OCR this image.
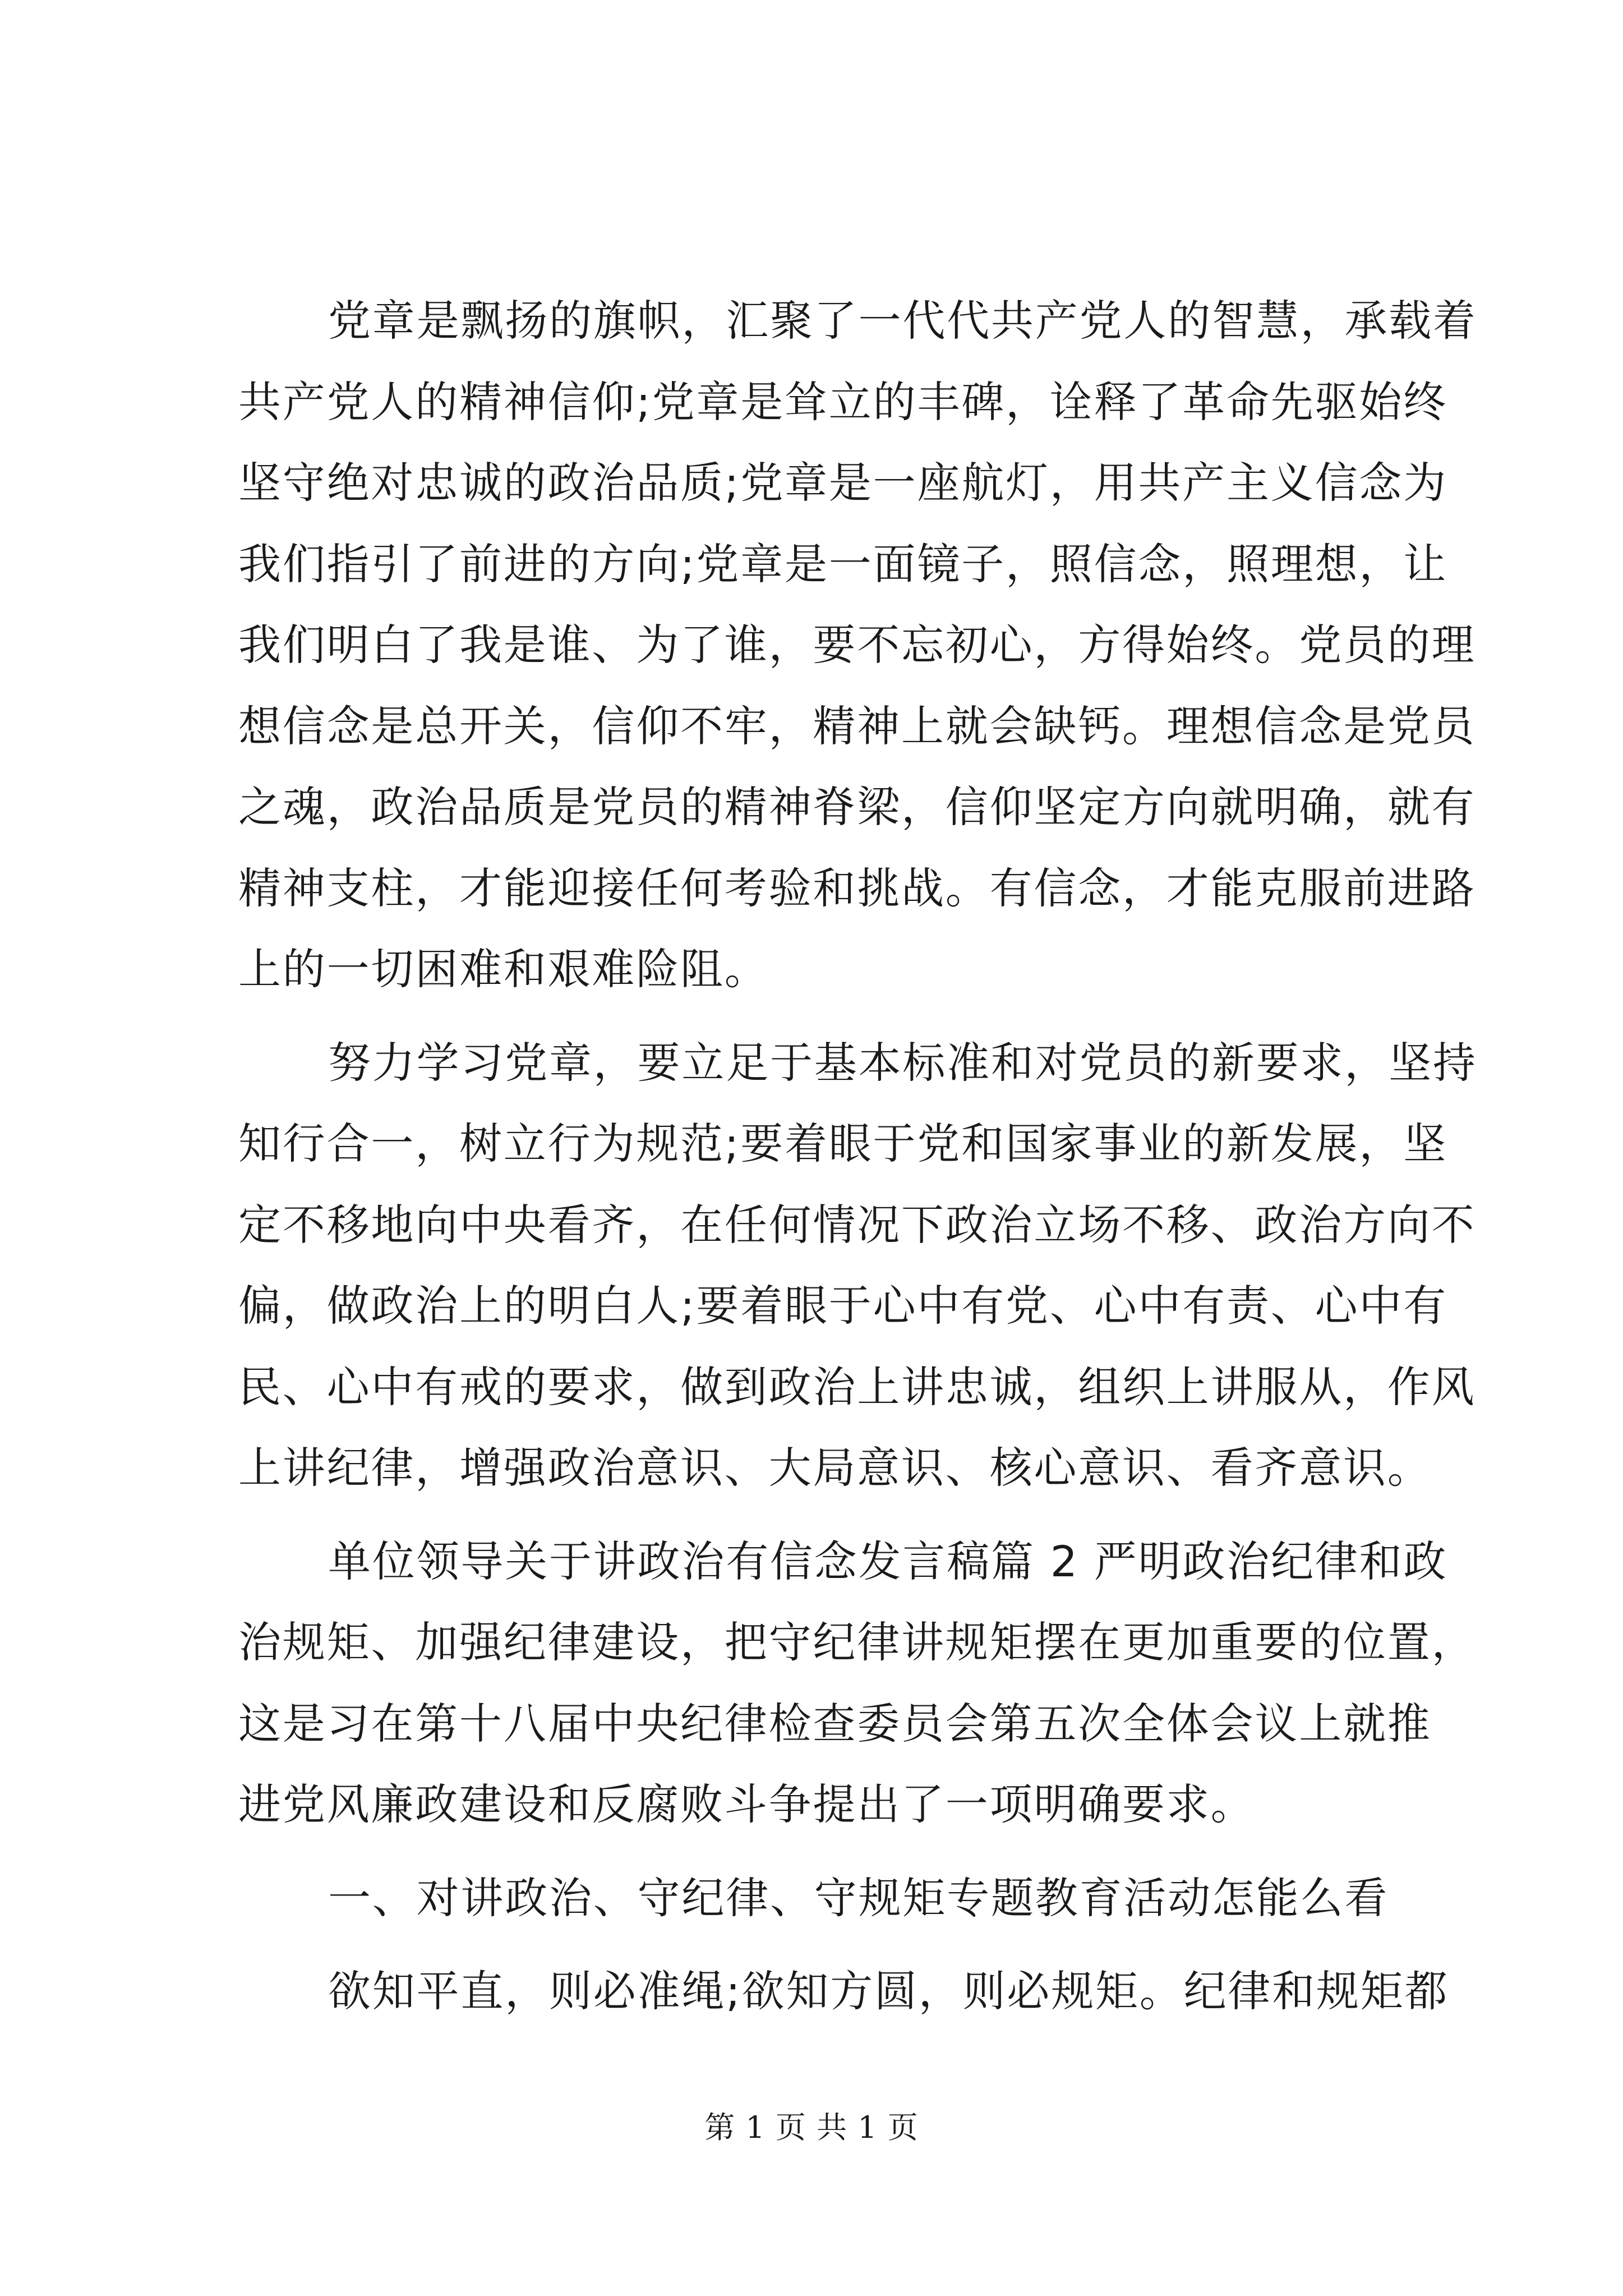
党章是飘扬的旗帜，汇聚了一代代共产党人的智慧，承载着
共产党人的精神信仰;党章是耸立的丰碑，诠释了革命先驱始终
坚守绝对忠诚的政治品质;党章是一座航灯，用共产主义信念为
我们指引了前进的方向;党章是一面镜子，照信念，照理想，让
我们明白了我是谁、为了谁，要不忘初心，方得始终。党员的理
想信念是总开关，信仰不牢，精神上就会缺钙。理想信念是党员
之魂，政治品质是党员的精神脊梁，信仰坚定方向就明确，就有
精神支柱，才能迎接任何考验和挑战。有信念，才能克服前进路
上的一切困难和艰难险阻。
努力学习党章，要立足于基本标准和对党员的新要求，坚持
知行合一，树立行为规范;要着眼于党和国家事业的新发展，坚
定不移地向中央看齐，在任何情况下政治立场不移、政治方向不
偏，做政治上的明白人;要着眼于心中有党、心中有责、心中有
民、心中有戒的要求，做到政治上讲忠诚，组织上讲服从，作风
上讲纪律，增强政治意识、大局意识、核心意识、看齐意识。
单位领导关于讲政治有信念发言稿篇 2 严明政治纪律和政
治规矩、加强纪律建设，把守纪律讲规矩摆在更加重要的位置，
这是习在第十八届中央纪律检查委员会第五次全体会议上就推
进党风廉政建设和反腐败斗争提出了一项明确要求。
一、对讲政治、守纪律、守规矩专题教育活动怎能么看
欲知平直，则必准绳;欲知方圆，则必规矩。纪律和规矩都
第 1 页 共 1 页
